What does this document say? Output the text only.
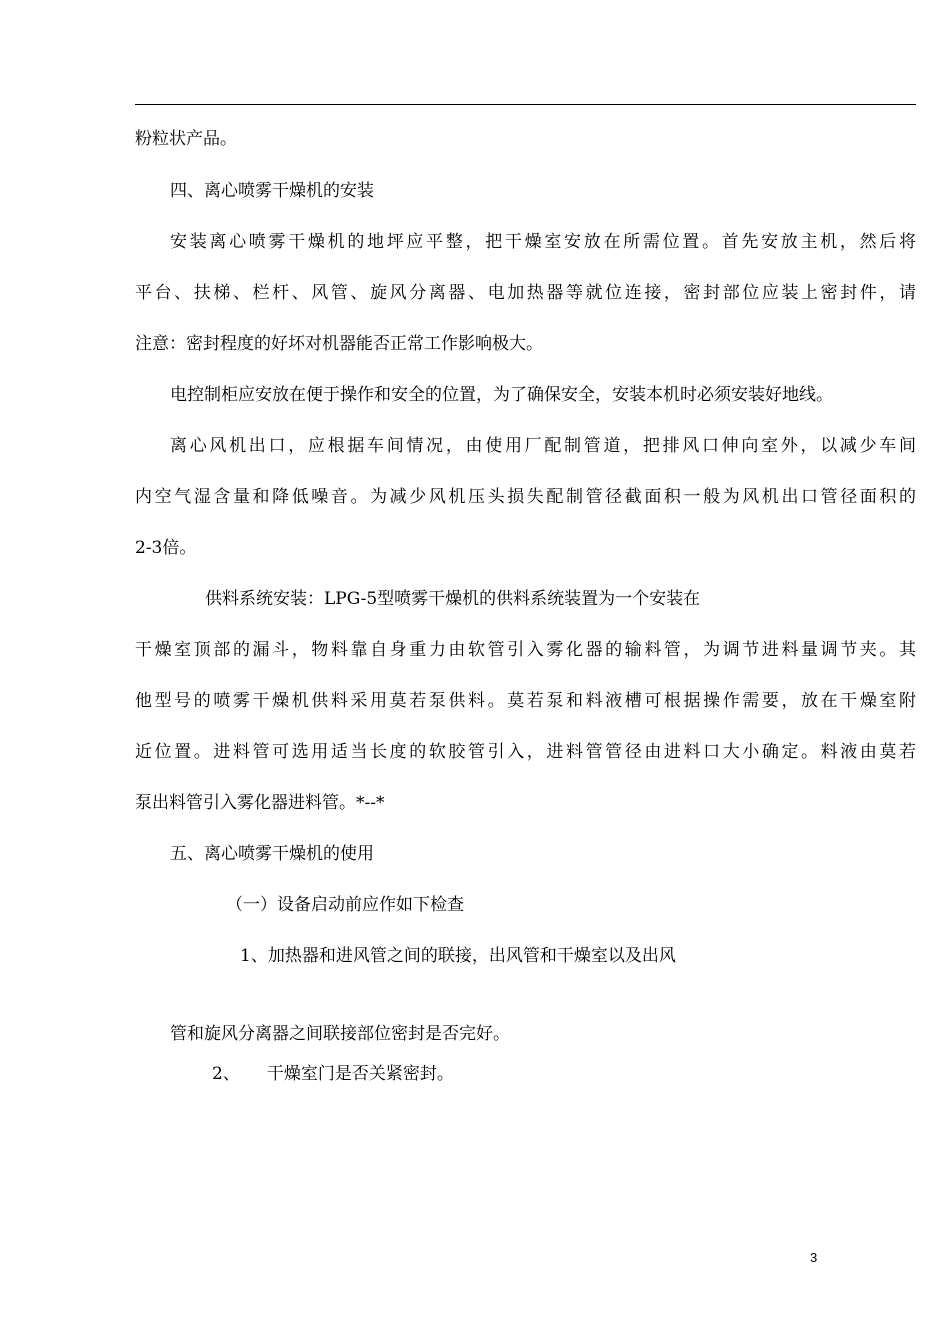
粉粒状产品。
四、离心喷雾干燥机的安装
安装离心喷雾干燥机的地坪应平整，把干燥室安放在所需位置。首先安放主机，然后将
平台、扶梯、栏杆、风管、旋风分离器、电加热器等就位连接，密封部位应装上密封件，请
注意：密封程度的好坏对机器能否正常工作影响极大。
电控制柜应安放在便于操作和安全的位置，为了确保安全，安装本机时必须安装好地线。
离心风机出口，应根据车间情况，由使用厂配制管道，把排风口伸向室外，以减少车间
内空气湿含量和降低噪音。为减少风机压头损失配制管径截面积一般为风机出口管径面积的
2-3倍。
供料系统安装：LPG-5型喷雾干燥机的供料系统装置为一个安装在
干燥室顶部的漏斗，物料靠自身重力由软管引入雾化器的输料管，为调节进料量调节夹。其
他型号的喷雾干燥机供料采用莫若泵供料。莫若泵和料液槽可根据操作需要，放在干燥室附
近位置。进料管可选用适当长度的软胶管引入，进料管管径由进料口大小确定。料液由莫若
泵出料管引入雾化器进料管。*--*
五、离心喷雾干燥机的使用
（一）设备启动前应作如下检查
1、加热器和进风管之间的联接，出风管和干燥室以及出风
管和旋风分离器之间联接部位密封是否完好。
2、     干燥室门是否关紧密封。
3
